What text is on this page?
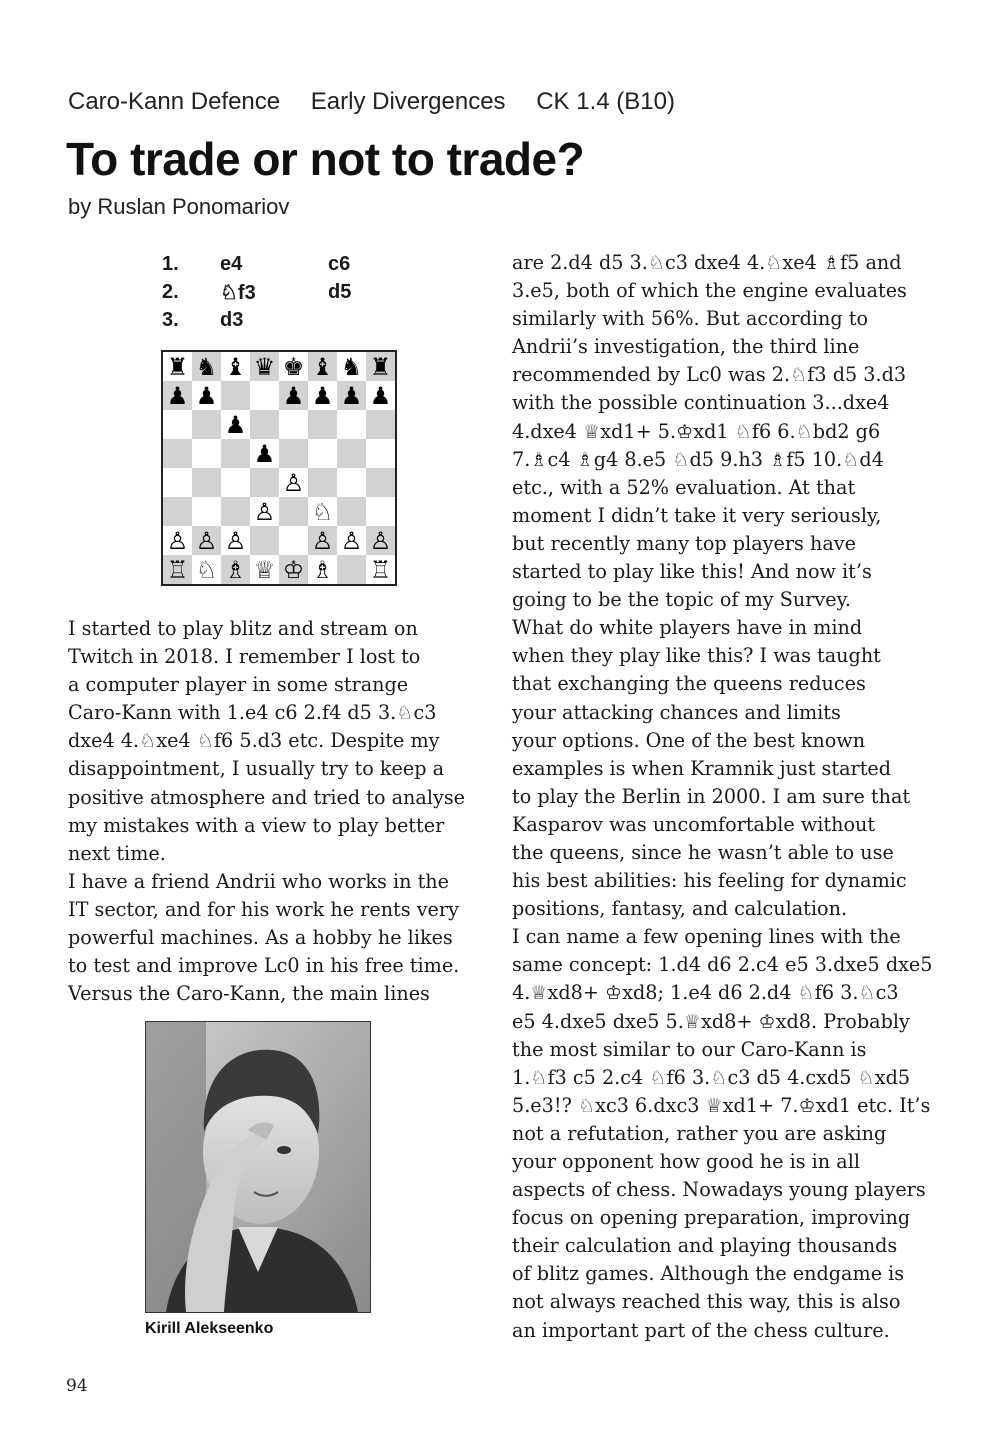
Caro-Kann Defence Early Divergences CK 1.4 (B10)
To trade or not to trade?
by Ruslan Ponomariov
1.	e4	c6
2.	♘f3	d5
3.	d3
♜ ♞ ♝ ♛ ♚ ♝ ♞ ♜
♟ ♟	♟ ♟ ♟ ♟
♟
♟
♙
♙ ♘
♙ ♙ ♙	♙ ♙ ♙
♖ ♘ ♗ ♕ ♔ ♗ ♖

I started to play blitz and stream on

Twitch in 2018. I remember I lost to

a computer player in some strange

Caro-Kann with 1.e4 c6 2.f4 d5 3.♘c3

dxe4 4.♘xe4 ♘f6 5.d3 etc. Despite my

disappointment, I usually try to keep a

positive atmosphere and tried to analyse

my mistakes with a view to play better

next time.

I have a friend Andrii who works in the

IT sector, and for his work he rents very

powerful machines. As a hobby he likes

to test and improve Lc0 in his free time.

Versus the Caro-Kann, the main lines

Kirill Alekseenko

are 2.d4 d5 3.♘c3 dxe4 4.♘xe4 ♗f5 and

3.e5, both of which the engine evaluates

similarly with 56%. But according to

Andrii’s investigation, the third line

recommended by Lc0 was 2.♘f3 d5 3.d3

with the possible continuation 3...dxe4

4.dxe4 ♕xd1+ 5.♔xd1 ♘f6 6.♘bd2 g6

7.♗c4 ♗g4 8.e5 ♘d5 9.h3 ♗f5 10.♘d4

etc., with a 52% evaluation. At that

moment I didn’t take it very seriously,

but recently many top players have

started to play like this! And now it’s

going to be the topic of my Survey.

What do white players have in mind

when they play like this? I was taught

that exchanging the queens reduces

your attacking chances and limits

your options. One of the best known

examples is when Kramnik just started

to play the Berlin in 2000. I am sure that

Kasparov was uncomfortable without

the queens, since he wasn’t able to use

his best abilities: his feeling for dynamic

positions, fantasy, and calculation.

I can name a few opening lines with the

same concept: 1.d4 d6 2.c4 e5 3.dxe5 dxe5

4.♕xd8+ ♔xd8; 1.e4 d6 2.d4 ♘f6 3.♘c3

e5 4.dxe5 dxe5 5.♕xd8+ ♔xd8. Probably

the most similar to our Caro-Kann is

1.♘f3 c5 2.c4 ♘f6 3.♘c3 d5 4.cxd5 ♘xd5

5.e3!? ♘xc3 6.dxc3 ♕xd1+ 7.♔xd1 etc. It’s

not a refutation, rather you are asking

your opponent how good he is in all

aspects of chess. Nowadays young players

focus on opening preparation, improving

their calculation and playing thousands

of blitz games. Although the endgame is

not always reached this way, this is also

an important part of the chess culture.

94
